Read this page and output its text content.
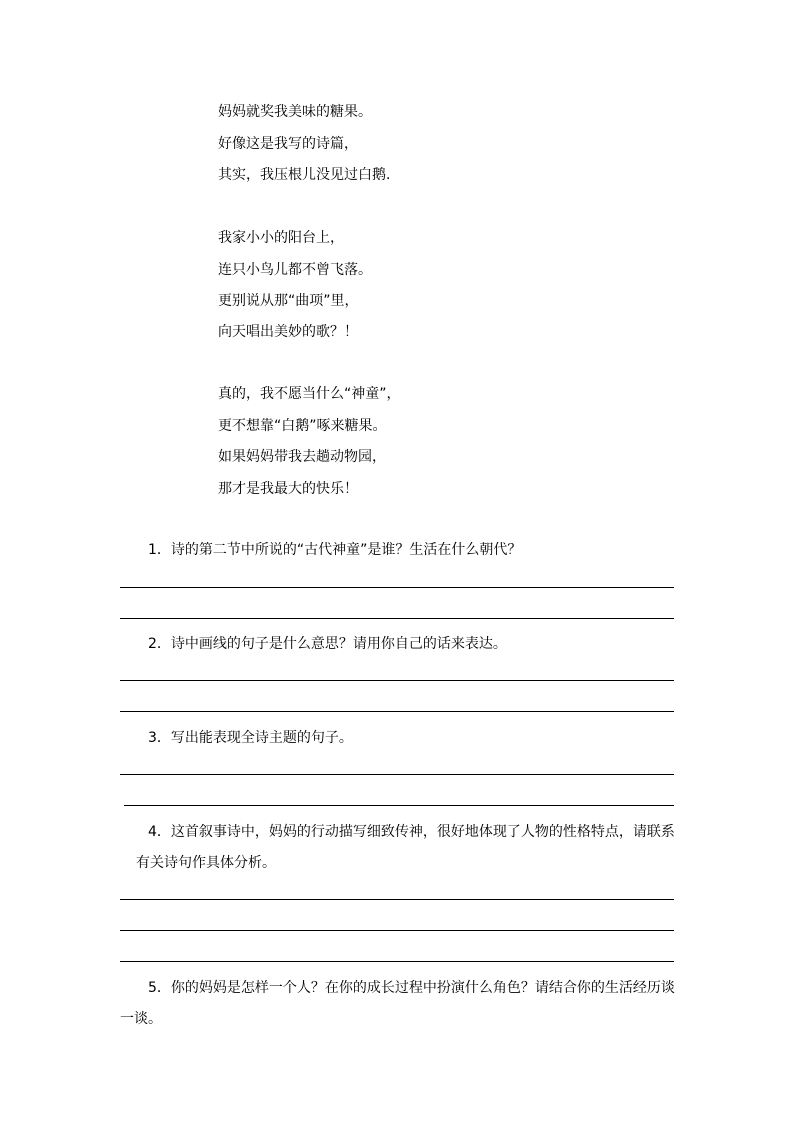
妈妈就奖我美味的糖果。
好像这是我写的诗篇，
其实，我压根儿没见过白鹅.
我家小小的阳台上，
连只小鸟儿都不曾飞落。
更别说从那“曲项”里，
向天唱出美妙的歌？！
真的，我不愿当什么“神童”，
更不想靠“白鹅”啄来糖果。
如果妈妈带我去趟动物园，
那才是我最大的快乐！
1．诗的第二节中所说的“古代神童”是谁？生活在什么朝代？
2．诗中画线的句子是什么意思？请用你自己的话来表达。
3．写出能表现全诗主题的句子。
4．这首叙事诗中，妈妈的行动描写细致传神，很好地体现了人物的性格特点，请联系
有关诗句作具体分析。
5．你的妈妈是怎样一个人？在你的成长过程中扮演什么角色？请结合你的生活经历谈
一谈。
